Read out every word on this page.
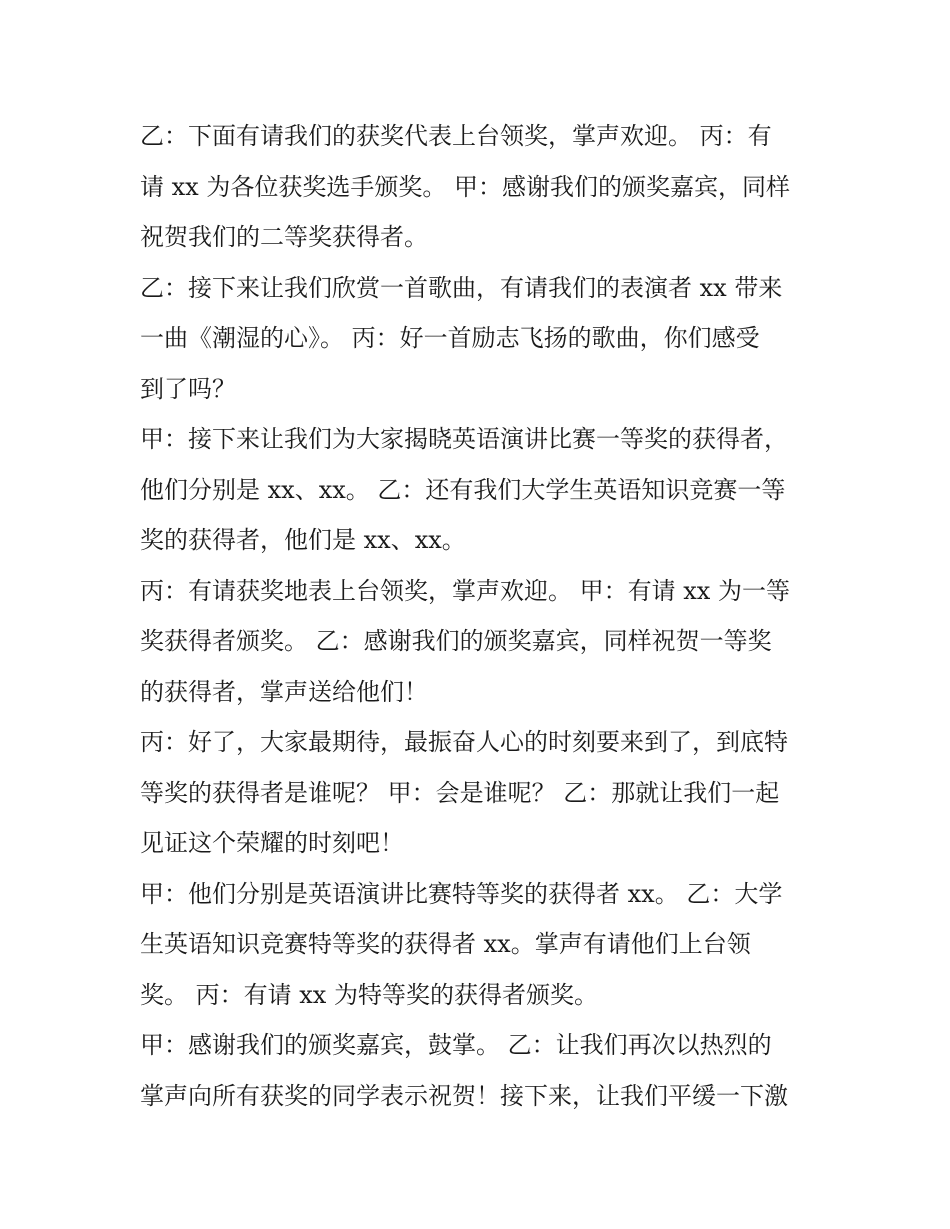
乙：下面有请我们的获奖代表上台领奖，掌声欢迎。 丙：有
请 xx 为各位获奖选手颁奖。 甲：感谢我们的颁奖嘉宾，同样
祝贺我们的二等奖获得者。

乙：接下来让我们欣赏一首歌曲，有请我们的表演者 xx 带来
一曲《潮湿的心》。 丙：好一首励志飞扬的歌曲，你们感受
到了吗？

甲：接下来让我们为大家揭晓英语演讲比赛一等奖的获得者，
他们分别是 xx、xx。 乙：还有我们大学生英语知识竞赛一等
奖的获得者，他们是 xx、xx。

丙：有请获奖地表上台领奖，掌声欢迎。 甲：有请 xx 为一等
奖获得者颁奖。 乙：感谢我们的颁奖嘉宾，同样祝贺一等奖
的获得者，掌声送给他们！

丙：好了，大家最期待，最振奋人心的时刻要来到了，到底特
等奖的获得者是谁呢？ 甲：会是谁呢？ 乙：那就让我们一起
见证这个荣耀的时刻吧！

甲：他们分别是英语演讲比赛特等奖的获得者 xx。 乙：大学
生英语知识竞赛特等奖的获得者 xx。掌声有请他们上台领
奖。 丙：有请 xx 为特等奖的获得者颁奖。

甲：感谢我们的颁奖嘉宾，鼓掌。 乙：让我们再次以热烈的
掌声向所有获奖的同学表示祝贺！接下来，让我们平缓一下激
